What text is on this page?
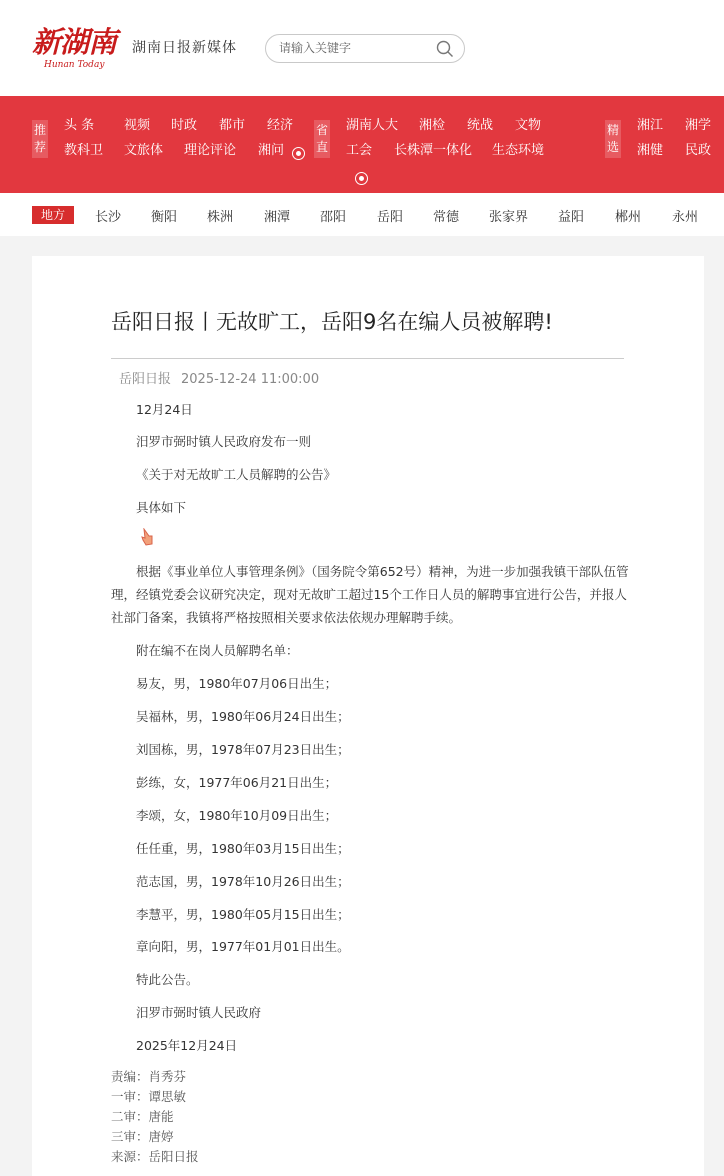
新湖南
Hunan Today
湖南日报新媒体
请输入关键字
推荐
头 条 视频 时政 都市 经济
教科卫 文旅体 理论评论 湘问
省直
湖南人大 湘检 统战 文物
工会 长株潭一体化 生态环境
精选
湘江 湘学
湘健 民政
长沙 衡阳 株洲 湘潭 邵阳 岳阳 常德 张家界 益阳 郴州 永州
地方
岳阳日报丨无故旷工，岳阳9名在编人员被解聘!
岳阳日报 2025-12-24 11:00:00
12月24日
汨罗市弼时镇人民政府发布一则
《关于对无故旷工人员解聘的公告》
具体如下
根据《事业单位人事管理条例》（国务院令第652号）精神，为进一步加强我镇干部队伍管理，经镇党委会议研究决定，现对无故旷工超过15个工作日人员的解聘事宜进行公告，并报人社部门备案，我镇将严格按照相关要求依法依规办理解聘手续。
附在编不在岗人员解聘名单：
易友，男，1980年07月06日出生；
吴福林，男，1980年06月24日出生；
刘国栋，男，1978年07月23日出生；
彭练，女，1977年06月21日出生；
李颂，女，1980年10月09日出生；
任任重，男，1980年03月15日出生；
范志国，男，1978年10月26日出生；
李慧平，男，1980年05月15日出生；
章向阳，男，1977年01月01日出生。
特此公告。
汨罗市弼时镇人民政府
2025年12月24日
责编：肖秀芬
一审：谭思敏
二审：唐能
三审：唐婷
来源：岳阳日报
